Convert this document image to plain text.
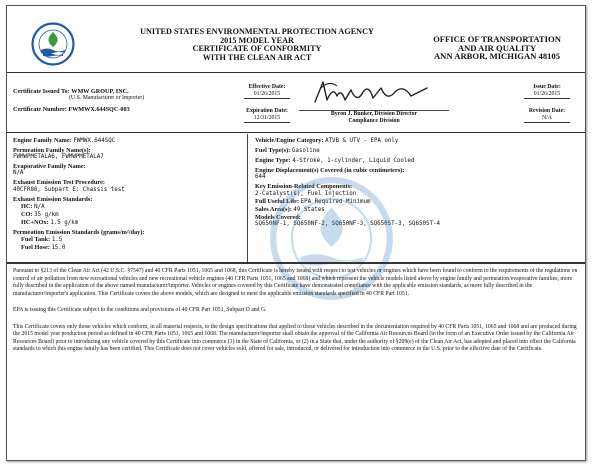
UNITED STATES ENVIRONMENTAL PROTECTION AGENCY
2015 MODEL YEAR
CERTIFICATE OF CONFORMITY
WITH THE CLEAN AIR ACT
OFFICE OF TRANSPORTATION
AND AIR QUALITY
ANN ARBOR, MICHIGAN 48105
Certificate Issued To: WMW GROUP, INC.
(U.S. Manufacturer or Importer)
Certificate Number: FWMWX.644SQC-003
Effective Date:
01/26/2015
Expiration Date:
12/31/2015
Byron J. Bunker, Division Director
Compliance Division
Issue Date:
01/26/2015
Revision Date:
N/A
Engine Family Name: FWMWX.644SQC
Permeation Family Name(s):
FWMWPMETALA6, FWMWPMETALA7
Evaporative Family Name:
N/A
Exhaust Emission Test Procedure:
40CFR86, Subpart E: Chassis test
Exhaust Emission Standards:
HC: N/A
CO: 35 g/km
HC+NOx: 1.5 g/km
Permeation Emission Standards (grams/m²/day):
Fuel Tank: 1.5
Fuel Hose: 15.0
Vehicle/Engine Category: ATVB & UTV - EPA only
Fuel Type(s): Gasoline
Engine Type: 4-Stroke, 1-cylinder, Liquid Cooled
Engine Displacement(s) Covered (in cubic centimeters):
644
Key Emission-Related Components:
2-Catalyst(s), Fuel Injection
Full Useful Life: EPA Required Minimum
Sales Area(s): 49 States
Models Covered:
SQ650NF-1, SQ650NF-2, SQ650NF-3, SQ650ST-3, SQ650ST-4

Pursuant to §213 of the Clean Air Act (42 U.S.C. §7547) and 40 CFR Parts 1051, 1065 and 1068, this Certificate is hereby issued with respect to test vehicles or engines which have been found to conform to the requirements of the regulations on control of air pollution from new recreational vehicles and new recreational vehicle engines (40 CFR Parts 1051, 1065 and 1068) and which represent the vehicle models listed above by engine family and permeation/evaporative families, more fully described in the application of the above named manufacturer/importer. Vehicles or engines covered by this Certificate have demonstrated compliance with the applicable emission standards, as more fully described in the manufacturer/importer's application. This Certificate covers the above models, which are designed to meet the applicable emission standards specified in 40 CFR Part 1051.

EPA is issuing this Certificate subject to the conditions and provisions of 40 CFR Part 1051, Subpart D and G.

This Certificate covers only those vehicles which conform, in all material respects, to the design specifications that applied to those vehicles described in the documentation required by 40 CFR Parts 1051, 1065 and 1068 and are produced during the 2015 model year production period as defined in 40 CFR Parts 1051, 1065 and 1068. The manufacturer/importer shall obtain the approval of the California Air Resources Board (in the form of an Executive Order issued by the California Air Resources Board) prior to introducing any vehicle covered by this Certificate into commerce (1) in the State of California, or (2) in a State that, under the authority of §209(e) of the Clean Air Act, has adopted and placed into effect the California standards to which this engine family has been certified. This Certificate does not cover vehicles sold, offered for sale, introduced, or delivered for introduction into commerce in the U.S. prior to the effective date of the Certificate.
